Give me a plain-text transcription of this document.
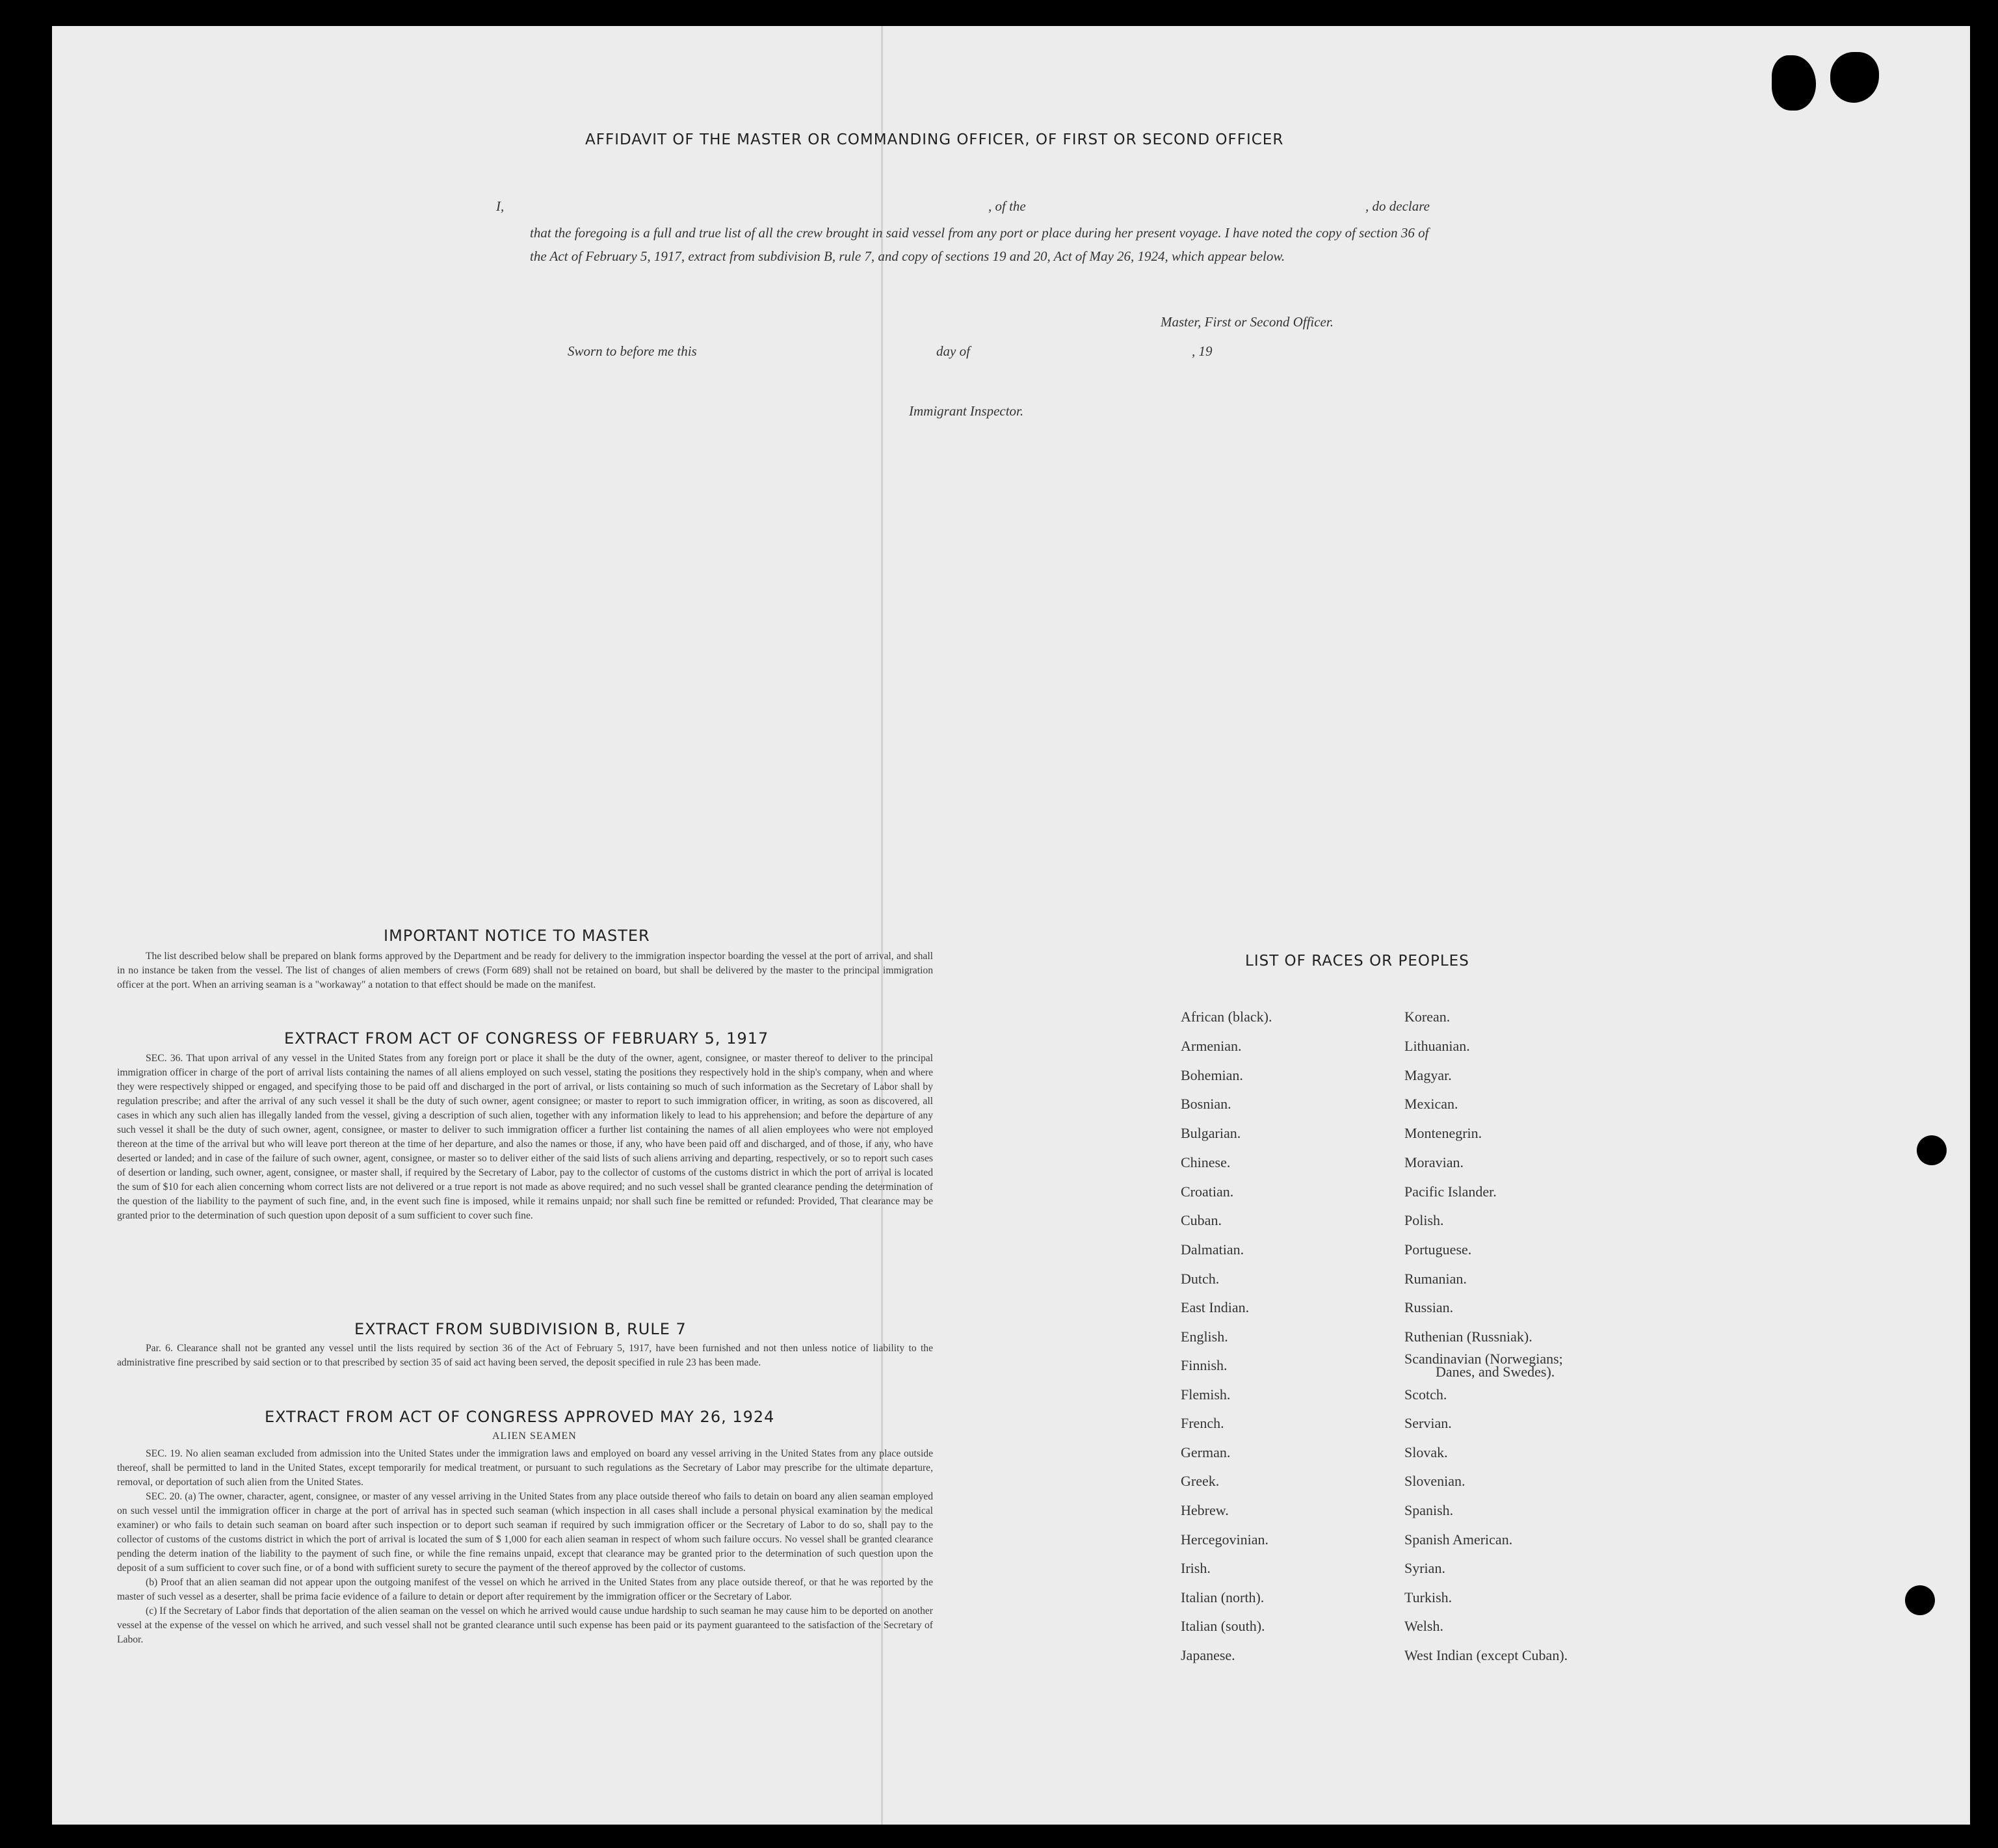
AFFIDAVIT OF THE MASTER OR COMMANDING OFFICER, OF FIRST OR SECOND OFFICER
I,	, of the	, do declare
that the foregoing is a full and true list of all the crew brought in said vessel from any port or place during her present voyage. I have noted the copy of section 36 of the Act of February 5, 1917, extract from subdivision B, rule 7, and copy of sections 19 and 20, Act of May 26, 1924, which appear below.
Master, First or Second Officer.
Sworn to before me this	day of	, 19
Immigrant Inspector.
IMPORTANT NOTICE TO MASTER

The list described below shall be prepared on blank forms approved by the Department and be ready for delivery to the immigration inspector boarding the vessel at the port of arrival, and shall in no instance be taken from the vessel. The list of changes of alien members of crews (Form 689) shall not be retained on board, but shall be delivered by the master to the principal immigration officer at the port. When an arriving seaman is a "workaway" a notation to that effect should be made on the manifest.

EXTRACT FROM ACT OF CONGRESS OF FEBRUARY 5, 1917

SEC. 36. That upon arrival of any vessel in the United States from any foreign port or place it shall be the duty of the owner, agent, consignee, or master thereof to deliver to the principal immigration officer in charge of the port of arrival lists containing the names of all aliens employed on such vessel, stating the positions they respectively hold in the ship's company, when and where they were respectively shipped or engaged, and specifying those to be paid off and discharged in the port of arrival, or lists containing so much of such information as the Secretary of Labor shall by regulation prescribe; and after the arrival of any such vessel it shall be the duty of such owner, agent consignee; or master to report to such immigration officer, in writing, as soon as discovered, all cases in which any such alien has illegally landed from the vessel, giving a description of such alien, together with any information likely to lead to his apprehension; and before the departure of any such vessel it shall be the duty of such owner, agent, consignee, or master to deliver to such immigration officer a further list containing the names of all alien employees who were not employed thereon at the time of the arrival but who will leave port thereon at the time of her departure, and also the names or those, if any, who have been paid off and discharged, and of those, if any, who have deserted or landed; and in case of the failure of such owner, agent, consignee, or master so to deliver either of the said lists of such aliens arriving and departing, respectively, or so to report such cases of desertion or landing, such owner, agent, consignee, or master shall, if required by the Secretary of Labor, pay to the collector of customs of the customs district in which the port of arrival is located the sum of $10 for each alien concerning whom correct lists are not delivered or a true report is not made as above required; and no such vessel shall be granted clearance pending the determination of the question of the liability to the payment of such fine, and, in the event such fine is imposed, while it remains unpaid; nor shall such fine be remitted or refunded: Provided, That clearance may be granted prior to the determination of such question upon deposit of a sum sufficient to cover such fine.

EXTRACT FROM SUBDIVISION B, RULE 7

Par. 6. Clearance shall not be granted any vessel until the lists required by section 36 of the Act of February 5, 1917, have been furnished and not then unless notice of liability to the administrative fine prescribed by said section or to that prescribed by section 35 of said act having been served, the deposit specified in rule 23 has been made.

EXTRACT FROM ACT OF CONGRESS APPROVED MAY 26, 1924
ALIEN SEAMEN

SEC. 19. No alien seaman excluded from admission into the United States under the immigration laws and employed on board any vessel arriving in the United States from any place outside thereof, shall be permitted to land in the United States, except temporarily for medical treatment, or pursuant to such regulations as the Secretary of Labor may prescribe for the ultimate departure, removal, or deportation of such alien from the United States.

SEC. 20. (a) The owner, character, agent, consignee, or master of any vessel arriving in the United States from any place outside thereof who fails to detain on board any alien seaman employed on such vessel until the immigration officer in charge at the port of arrival has in spected such seaman (which inspection in all cases shall include a personal physical examination by the medical examiner) or who fails to detain such seaman on board after such inspection or to deport such seaman if required by such immigration officer or the Secretary of Labor to do so, shall pay to the collector of customs of the customs district in which the port of arrival is located the sum of $ 1,000 for each alien seaman in respect of whom such failure occurs. No vessel shall be granted clearance pending the determ ination of the liability to the payment of such fine, or while the fine remains unpaid, except that clearance may be granted prior to the determination of such question upon the deposit of a sum sufficient to cover such fine, or of a bond with sufficient surety to secure the payment of the thereof approved by the collector of customs.

(b) Proof that an alien seaman did not appear upon the outgoing manifest of the vessel on which he arrived in the United States from any place outside thereof, or that he was reported by the master of such vessel as a deserter, shall be prima facie evidence of a failure to detain or deport after requirement by the immigration officer or the Secretary of Labor.

(c) If the Secretary of Labor finds that deportation of the alien seaman on the vessel on which he arrived would cause undue hardship to such seaman he may cause him to be deported on another vessel at the expense of the vessel on which he arrived, and such vessel shall not be granted clearance until such expense has been paid or its payment guaranteed to the satisfaction of the Secretary of Labor.

LIST OF RACES OR PEOPLES
African (black).
Armenian.
Bohemian.
Bosnian.
Bulgarian.
Chinese.
Croatian.
Cuban.
Dalmatian.
Dutch.
East Indian.
English.
Finnish.
Flemish.
French.
German.
Greek.
Hebrew.
Hercegovinian.
Irish.
Italian (north).
Italian (south).
Japanese.
Korean.
Lithuanian.
Magyar.
Mexican.
Montenegrin.
Moravian.
Pacific Islander.
Polish.
Portuguese.
Rumanian.
Russian.
Ruthenian (Russniak).
Scandinavian (Norwegians;
Scotch.
Servian.
Slovak.
Slovenian.
Spanish.
Spanish American.
Syrian.
Turkish.
Welsh.
West Indian (except Cuban).
Danes, and Swedes).
